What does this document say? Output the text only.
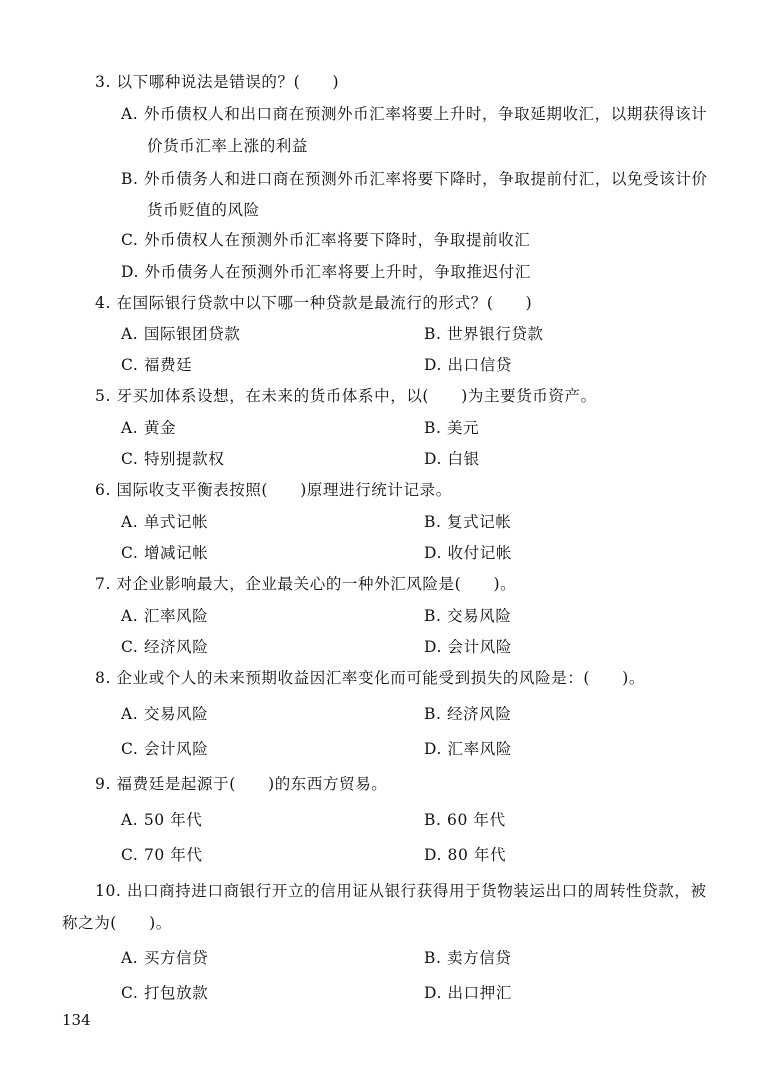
3. 以下哪种说法是错误的？(　　)
A. 外币债权人和出口商在预测外币汇率将要上升时，争取延期收汇，以期获得该计
价货币汇率上涨的利益
B. 外币债务人和进口商在预测外币汇率将要下降时，争取提前付汇，以免受该计价
货币贬值的风险
C. 外币债权人在预测外币汇率将要下降时，争取提前收汇
D. 外币债务人在预测外币汇率将要上升时，争取推迟付汇
4. 在国际银行贷款中以下哪一种贷款是最流行的形式？(　　)
A. 国际银团贷款	B. 世界银行贷款
C. 福费廷	D. 出口信贷
5. 牙买加体系设想，在未来的货币体系中，以(　　)为主要货币资产。
A. 黄金	B. 美元
C. 特别提款权	D. 白银
6. 国际收支平衡表按照(　　)原理进行统计记录。
A. 单式记帐	B. 复式记帐
C. 增减记帐	D. 收付记帐
7. 对企业影响最大，企业最关心的一种外汇风险是(　　)。
A. 汇率风险	B. 交易风险
C. 经济风险	D. 会计风险
8. 企业或个人的未来预期收益因汇率变化而可能受到损失的风险是：(　　)。
A. 交易风险	B. 经济风险
C. 会计风险	D. 汇率风险
9. 福费廷是起源于(　　)的东西方贸易。
A. 50 年代	B. 60 年代
C. 70 年代	D. 80 年代
10. 出口商持进口商银行开立的信用证从银行获得用于货物装运出口的周转性贷款，被
称之为(　　)。
A. 买方信贷	B. 卖方信贷
C. 打包放款	D. 出口押汇
134
